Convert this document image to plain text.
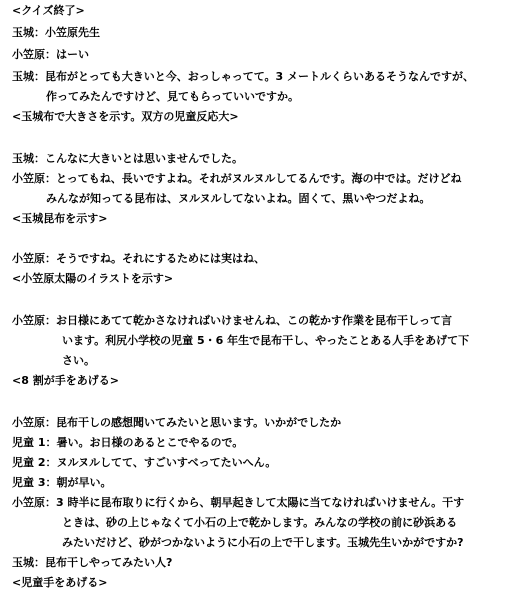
<クイズ終了>
玉城：小笠原先生
小笠原：はーい
玉城：昆布がとっても大きいと今、おっしゃってて。3 メートルくらいあるそうなんですが、
作ってみたんですけど、見てもらっていいですか。
<玉城布で大きさを示す。双方の児童反応大>
玉城：こんなに大きいとは思いませんでした。
小笠原：とってもね、長いですよね。それがヌルヌルしてるんです。海の中では。だけどね
みんなが知ってる昆布は、ヌルヌルしてないよね。固くて、黒いやつだよね。
<玉城昆布を示す>
小笠原：そうですね。それにするためには実はね、
<小笠原太陽のイラストを示す>
小笠原：お日様にあてて乾かさなければいけませんね、この乾かす作業を昆布干しって言
います。利尻小学校の児童 5・6 年生で昆布干し、やったことある人手をあげて下
さい。
<8 割が手をあげる>
小笠原：昆布干しの感想聞いてみたいと思います。いかがでしたか
児童 1：暑い。お日様のあるとこでやるので。
児童 2：ヌルヌルしてて、すごいすべってたいへん。
児童 3：朝が早い。
小笠原：3 時半に昆布取りに行くから、朝早起きして太陽に当てなければいけません。干す
ときは、砂の上じゃなくて小石の上で乾かします。みんなの学校の前に砂浜ある
みたいだけど、砂がつかないように小石の上で干します。玉城先生いかがですか?
玉城：昆布干しやってみたい人?
<児童手をあげる>
